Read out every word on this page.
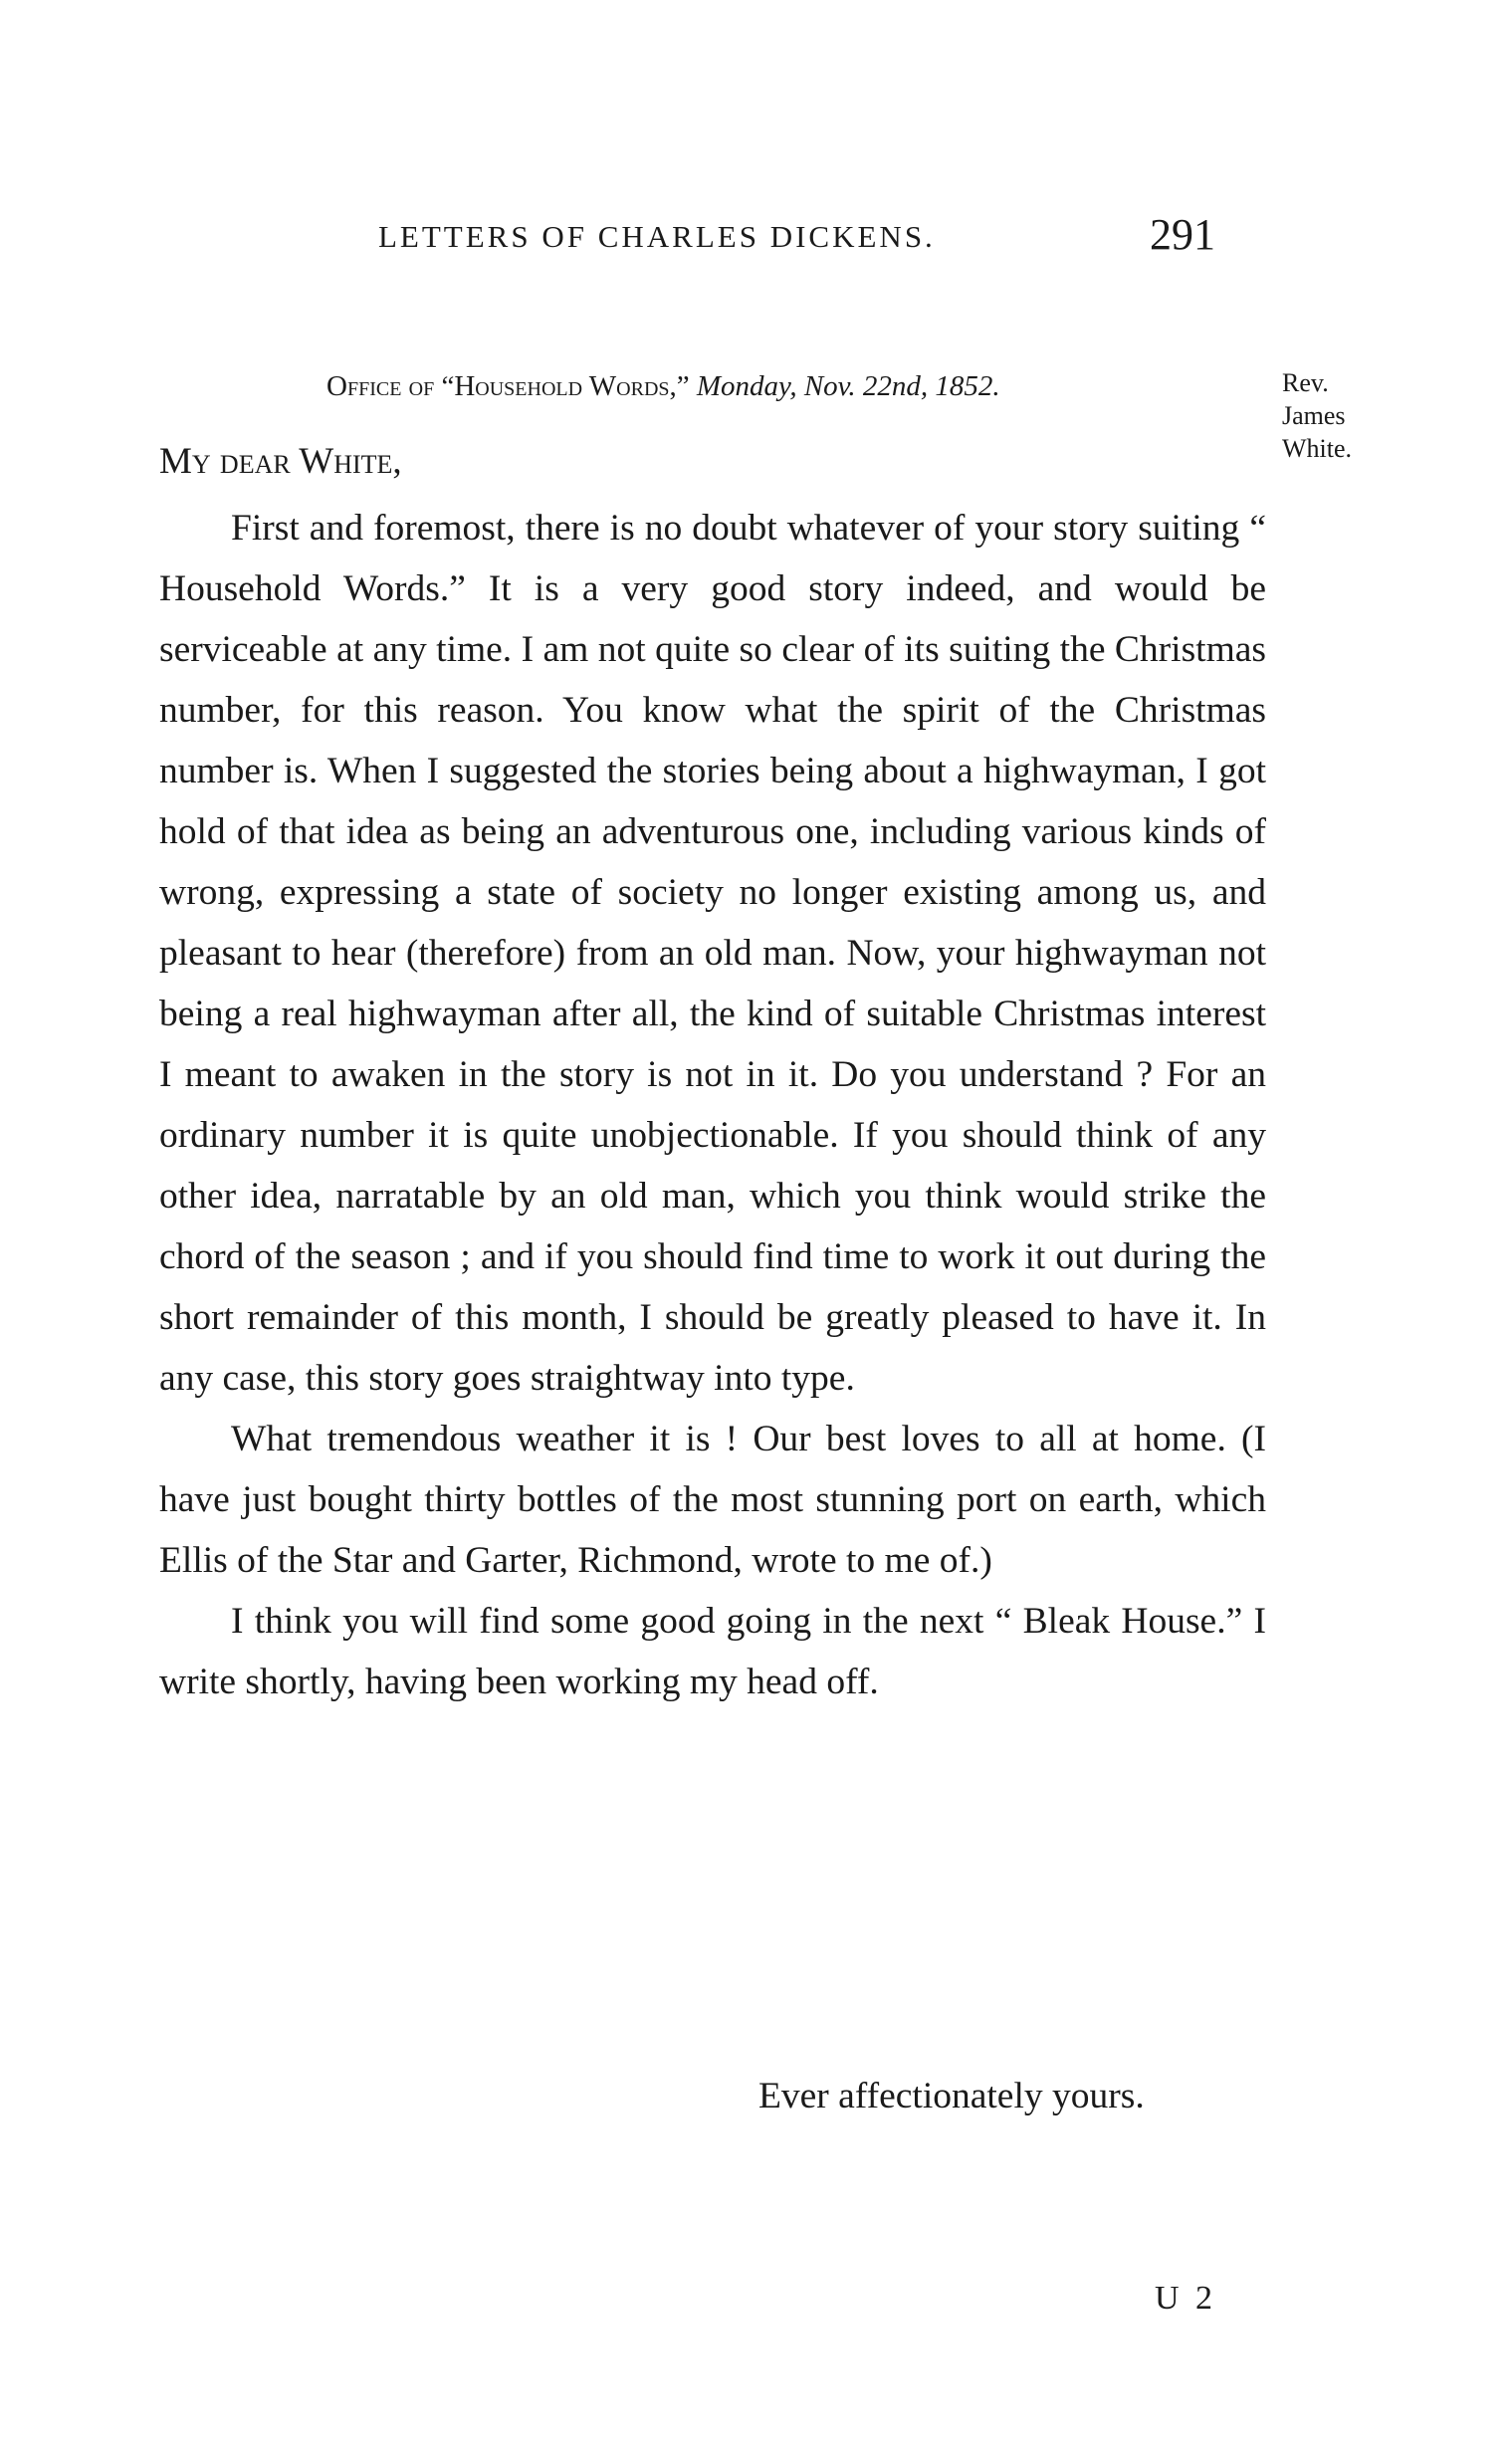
LETTERS OF CHARLES DICKENS.	291
Office of “Household Words,” Monday, Nov. 22nd, 1852.	Rev.
James
White.
My dear White,

First and foremost, there is no doubt whatever of your story suiting “ Household Words.” It is a very good story indeed, and would be serviceable at any time. I am not quite so clear of its suiting the Christmas number, for this reason. You know what the spirit of the Christmas number is. When I suggested the stories being about a highwayman, I got hold of that idea as being an adventurous one, including various kinds of wrong, expressing a state of society no longer existing among us, and pleasant to hear (therefore) from an old man. Now, your highwayman not being a real highwayman after all, the kind of suitable Christmas interest I meant to awaken in the story is not in it. Do you understand ? For an ordinary number it is quite unobjectionable. If you should think of any other idea, narratable by an old man, which you think would strike the chord of the season ; and if you should find time to work it out during the short remainder of this month, I should be greatly pleased to have it. In any case, this story goes straightway into type.

What tremendous weather it is ! Our best loves to all at home. (I have just bought thirty bottles of the most stunning port on earth, which Ellis of the Star and Garter, Richmond, wrote to me of.)

I think you will find some good going in the next “ Bleak House.” I write shortly, having been working my head off.

Ever affectionately yours.
U 2
